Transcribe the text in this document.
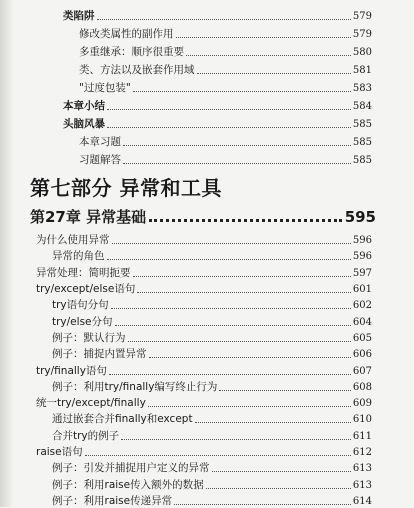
类陷阱	579
修改类属性的副作用	579
多重继承：顺序很重要	580
类、方法以及嵌套作用域	581
"过度包装"	583
本章小结	584
头脑风暴	585
本章习题	585
习题解答	585
第七部分 异常和工具
第27章 异常基础	595
为什么使用异常	596
异常的角色	596
异常处理：简明扼要	597
try/except/else语句	601
try语句分句	602
try/else分句	604
例子：默认行为	605
例子：捕捉内置异常	606
try/finally语句	607
例子：利用try/finally编写终止行为	608
统一try/except/finally	609
通过嵌套合并finally和except	610
合并try的例子	611
raise语句	612
例子：引发并捕捉用户定义的异常	613
例子：利用raise传入额外的数据	613
例子：利用raise传递异常	614
